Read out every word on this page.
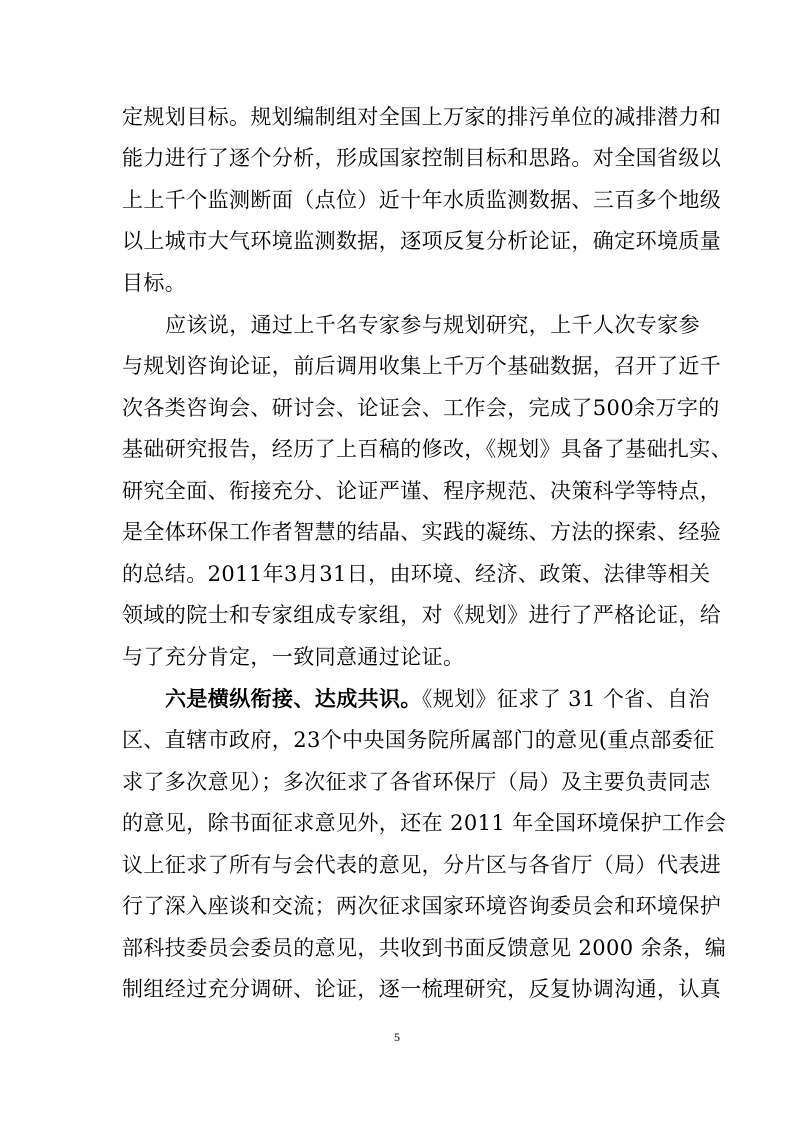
定规划目标。规划编制组对全国上万家的排污单位的减排潜力和
能力进行了逐个分析，形成国家控制目标和思路。对全国省级以
上上千个监测断面（点位）近十年水质监测数据、三百多个地级
以上城市大气环境监测数据，逐项反复分析论证，确定环境质量
目标。
应该说，通过上千名专家参与规划研究，上千人次专家参
与规划咨询论证，前后调用收集上千万个基础数据，召开了近千
次各类咨询会、研讨会、论证会、工作会，完成了500余万字的
基础研究报告，经历了上百稿的修改，《规划》具备了基础扎实、
研究全面、衔接充分、论证严谨、程序规范、决策科学等特点，
是全体环保工作者智慧的结晶、实践的凝练、方法的探索、经验
的总结。2011年3月31日，由环境、经济、政策、法律等相关
领域的院士和专家组成专家组，对《规划》进行了严格论证，给
与了充分肯定，一致同意通过论证。
六是横纵衔接、达成共识。《规划》征求了 31 个省、自治
区、直辖市政府，23个中央国务院所属部门的意见(重点部委征
求了多次意见）；多次征求了各省环保厅（局）及主要负责同志
的意见，除书面征求意见外，还在 2011 年全国环境保护工作会
议上征求了所有与会代表的意见，分片区与各省厅（局）代表进
行了深入座谈和交流；两次征求国家环境咨询委员会和环境保护
部科技委员会委员的意见，共收到书面反馈意见 2000 余条，编
制组经过充分调研、论证，逐一梳理研究，反复协调沟通，认真
5
